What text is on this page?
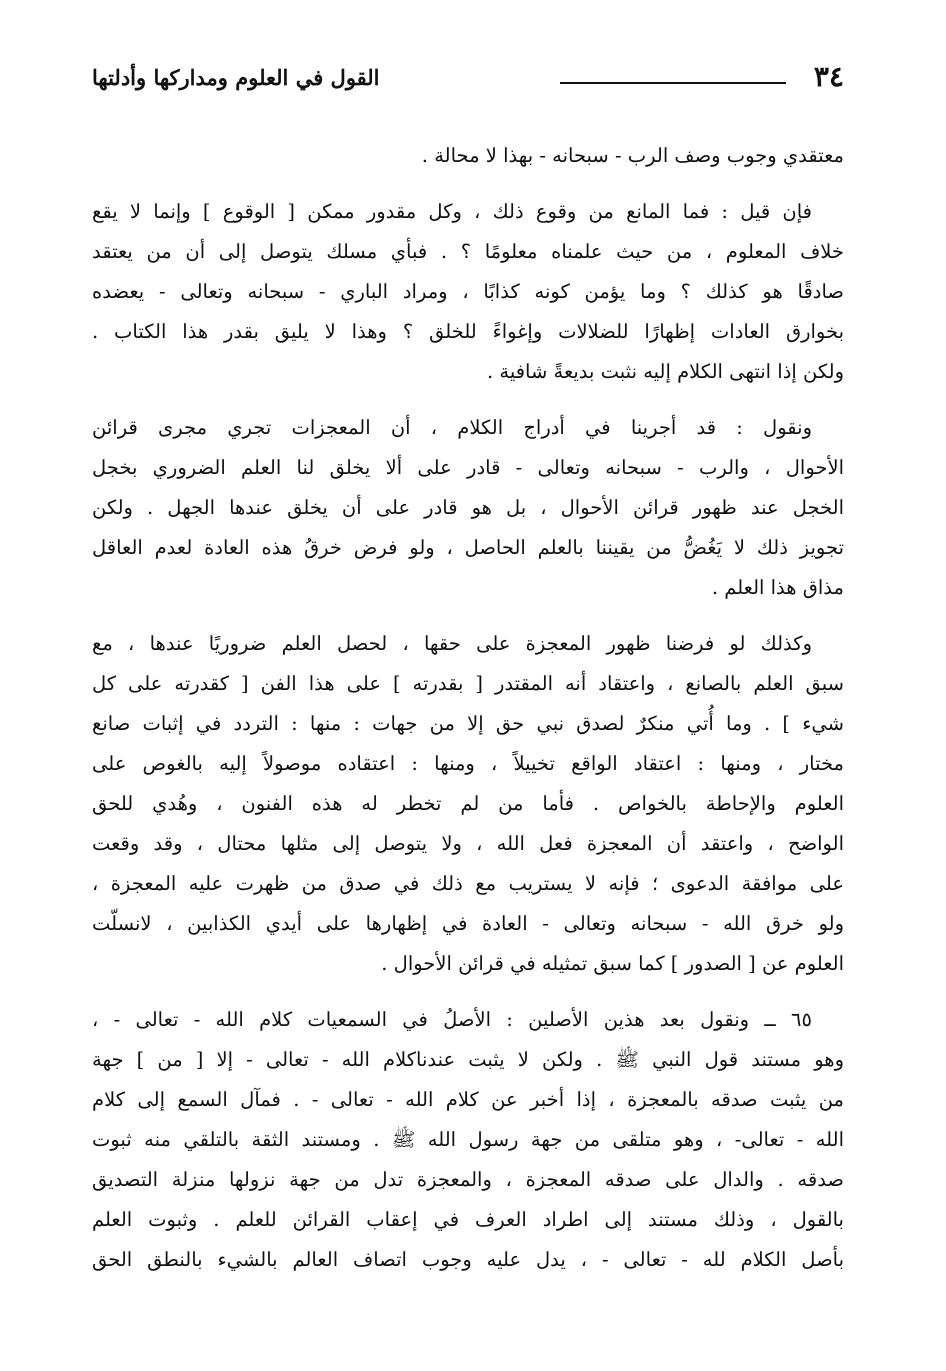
٣٤
القول في العلوم ومداركها وأدلتها
معتقدي وجوب وصف الرب - سبحانه - بهذا لا محالة .
فإن قيل : فما المانع من وقوع ذلك ، وكل مقدور ممكن [ الوقوع ] وإنما لا يقع
خلاف المعلوم ، من حيث علمناه معلومًا ؟ . فبأي مسلك يتوصل إلى أن من يعتقد
صادقًا هو كذلك ؟ وما يؤمن كونه كذابًا ، ومراد الباري - سبحانه وتعالى - يعضده
بخوارق العادات إظهارًا للضلالات وإغواءً للخلق ؟ وهذا لا يليق بقدر هذا الكتاب .
ولكن إذا انتهى الكلام إليه نثبت بديعةً شافية .
ونقول : قد أجرينا في أدراج الكلام ، أن المعجزات تجري مجرى قرائن
الأحوال ، والرب - سبحانه وتعالى - قادر على ألا يخلق لنا العلم الضروري بخجل
الخجل عند ظهور قرائن الأحوال ، بل هو قادر على أن يخلق عندها الجهل . ولكن
تجويز ذلك لا يَغُضُّ من يقيننا بالعلم الحاصل ، ولو فرض خرقُ هذه العادة لعدم العاقل
مذاق هذا العلم .
وكذلك لو فرضنا ظهور المعجزة على حقها ، لحصل العلم ضروريًا عندها ، مع
سبق العلم بالصانع ، واعتقاد أنه المقتدر [ بقدرته ] على هذا الفن [ كقدرته على كل
شيء ] . وما أُتي منكرٌ لصدق نبي حق إلا من جهات : منها : التردد في إثبات صانع
مختار ، ومنها : اعتقاد الواقع تخييلاً ، ومنها : اعتقاده موصولاً إليه بالغوص على
العلوم والإحاطة بالخواص . فأما من لم تخطر له هذه الفنون ، وهُدي للحق
الواضح ، واعتقد أن المعجزة فعل الله ، ولا يتوصل إلى مثلها محتال ، وقد وقعت
على موافقة الدعوى ؛ فإنه لا يستريب مع ذلك في صدق من ظهرت عليه المعجزة ،
ولو خرق الله - سبحانه وتعالى - العادة في إظهارها على أيدي الكذابين ، لانسلّت
العلوم عن [ الصدور ] كما سبق تمثيله في قرائن الأحوال .
٦٥ ــ ونقول بعد هذين الأصلين : الأصلُ في السمعيات كلام الله - تعالى - ،
وهو مستند قول النبي ﷺ . ولكن لا يثبت عندناكلام الله - تعالى - إلا [ من ] جهة
من يثبت صدقه بالمعجزة ، إذا أخبر عن كلام الله - تعالى - . فمآل السمع إلى كلام
الله - تعالى- ، وهو متلقى من جهة رسول الله ﷺ . ومستند الثقة بالتلقي منه ثبوت
صدقه . والدال على صدقه المعجزة ، والمعجزة تدل من جهة نزولها منزلة التصديق
بالقول ، وذلك مستند إلى اطراد العرف في إعقاب القرائن للعلم . وثبوت العلم
بأصل الكلام لله - تعالى - ، يدل عليه وجوب اتصاف العالم بالشيء بالنطق الحق
